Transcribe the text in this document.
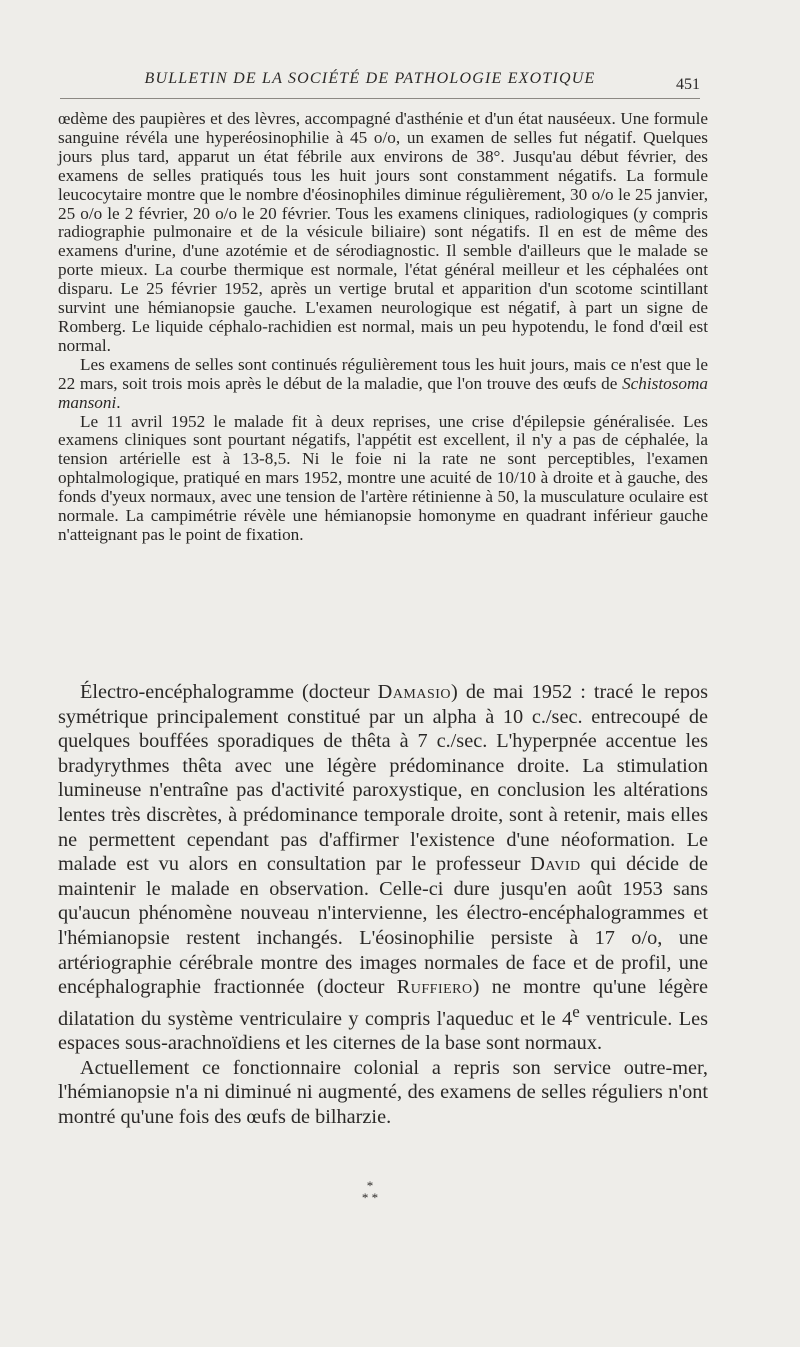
BULLETIN DE LA SOCIÉTÉ DE PATHOLOGIE EXOTIQUE	451

œdème des paupières et des lèvres, accompagné d'asthénie et d'un état nauséeux. Une formule sanguine révéla une hyperéosinophilie à 45 o/o, un examen de selles fut négatif. Quelques jours plus tard, apparut un état fébrile aux environs de 38°. Jusqu'au début février, des examens de selles pratiqués tous les huit jours sont constamment négatifs. La formule leucocytaire montre que le nombre d'éosinophiles diminue régulièrement, 30 o/o le 25 janvier, 25 o/o le 2 février, 20 o/o le 20 février. Tous les examens cliniques, radiologiques (y compris radiographie pulmonaire et de la vésicule biliaire) sont négatifs. Il en est de même des examens d'urine, d'une azotémie et de sérodiagnostic. Il semble d'ailleurs que le malade se porte mieux. La courbe thermique est normale, l'état général meilleur et les céphalées ont disparu. Le 25 février 1952, après un vertige brutal et apparition d'un scotome scintillant survint une hémianopsie gauche. L'examen neurologique est négatif, à part un signe de Romberg. Le liquide céphalo-rachidien est normal, mais un peu hypotendu, le fond d'œil est normal.

Les examens de selles sont continués régulièrement tous les huit jours, mais ce n'est que le 22 mars, soit trois mois après le début de la maladie, que l'on trouve des œufs de Schistosoma mansoni.

Le 11 avril 1952 le malade fit à deux reprises, une crise d'épilepsie généralisée. Les examens cliniques sont pourtant négatifs, l'appétit est excellent, il n'y a pas de céphalée, la tension artérielle est à 13-8,5. Ni le foie ni la rate ne sont perceptibles, l'examen ophtalmologique, pratiqué en mars 1952, montre une acuité de 10/10 à droite et à gauche, des fonds d'yeux normaux, avec une tension de l'artère rétinienne à 50, la musculature oculaire est normale. La campimétrie révèle une hémianopsie homonyme en quadrant inférieur gauche n'atteignant pas le point de fixation.

Électro-encéphalogramme (docteur Damasio) de mai 1952 : tracé le repos symétrique principalement constitué par un alpha à 10 c./sec. entrecoupé de quelques bouffées sporadiques de thêta à 7 c./sec. L'hyperpnée accentue les bradyrythmes thêta avec une légère prédominance droite. La stimulation lumineuse n'entraîne pas d'activité paroxystique, en conclusion les altérations lentes très discrètes, à prédominance temporale droite, sont à retenir, mais elles ne permettent cependant pas d'affirmer l'existence d'une néoformation. Le malade est vu alors en consultation par le professeur David qui décide de maintenir le malade en observation. Celle-ci dure jusqu'en août 1953 sans qu'aucun phénomène nouveau n'intervienne, les électro-encéphalogrammes et l'hémianopsie restent inchangés. L'éosinophilie persiste à 17 o/o, une artériographie cérébrale montre des images normales de face et de profil, une encéphalographie fractionnée (docteur Ruffiero) ne montre qu'une légère dilatation du système ventriculaire y compris l'aqueduc et le 4e ventricule. Les espaces sous-arachnoïdiens et les citernes de la base sont normaux.

Actuellement ce fonctionnaire colonial a repris son service outre-mer, l'hémianopsie n'a ni diminué ni augmenté, des examens de selles réguliers n'ont montré qu'une fois des œufs de bilharzie.

*
* *
